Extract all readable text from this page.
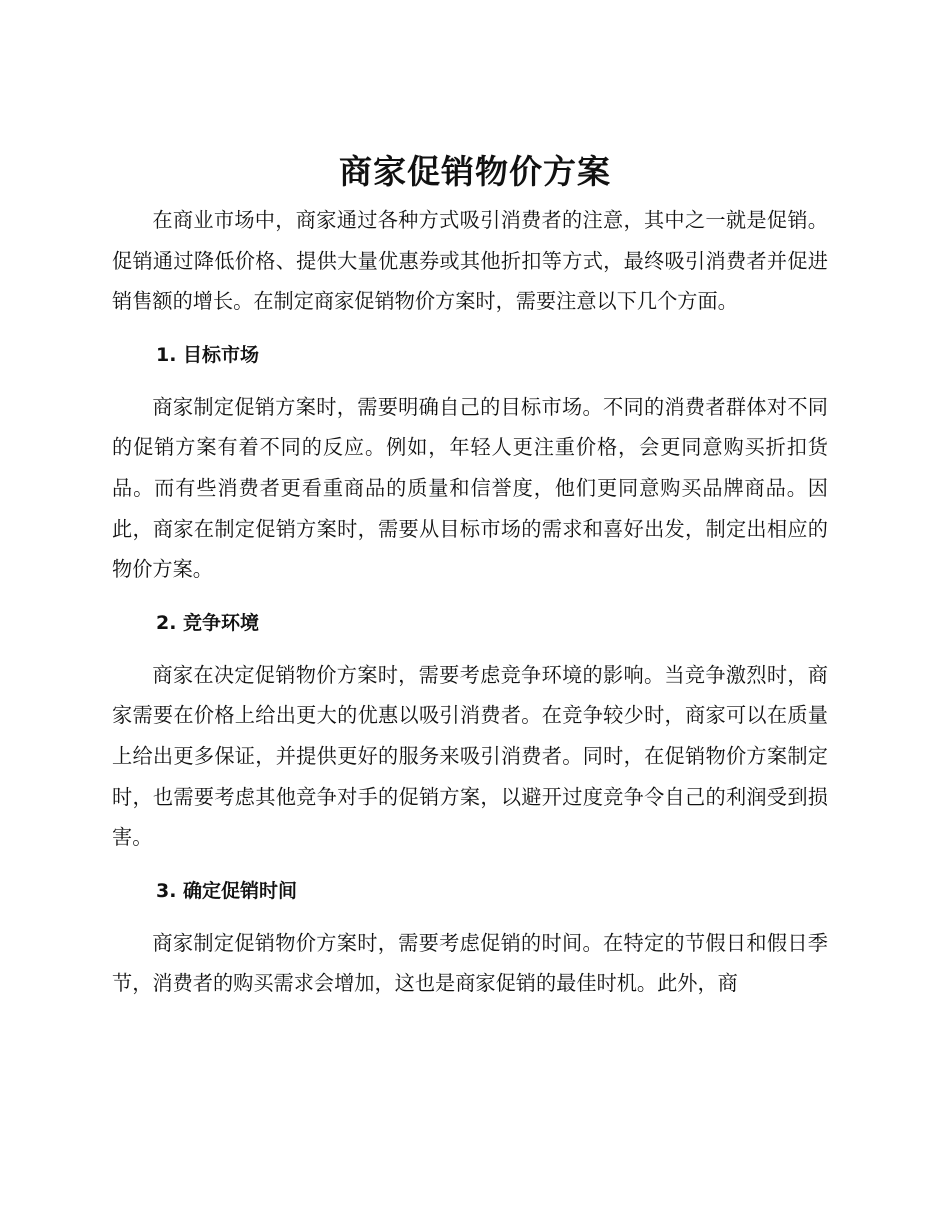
商家促销物价方案

在商业市场中，商家通过各种方式吸引消费者的注意，其中之一就是促销。促销通过降低价格、提供大量优惠券或其他折扣等方式，最终吸引消费者并促进销售额的增长。在制定商家促销物价方案时，需要注意以下几个方面。

1. 目标市场

商家制定促销方案时，需要明确自己的目标市场。不同的消费者群体对不同的促销方案有着不同的反应。例如，年轻人更注重价格，会更同意购买折扣货品。而有些消费者更看重商品的质量和信誉度，他们更同意购买品牌商品。因此，商家在制定促销方案时，需要从目标市场的需求和喜好出发，制定出相应的物价方案。

2. 竞争环境

商家在决定促销物价方案时，需要考虑竞争环境的影响。当竞争激烈时，商家需要在价格上给出更大的优惠以吸引消费者。在竞争较少时，商家可以在质量上给出更多保证，并提供更好的服务来吸引消费者。同时，在促销物价方案制定时，也需要考虑其他竞争对手的促销方案，以避开过度竞争令自己的利润受到损害。

3. 确定促销时间

商家制定促销物价方案时，需要考虑促销的时间。在特定的节假日和假日季节，消费者的购买需求会增加，这也是商家促销的最佳时机。此外，商
